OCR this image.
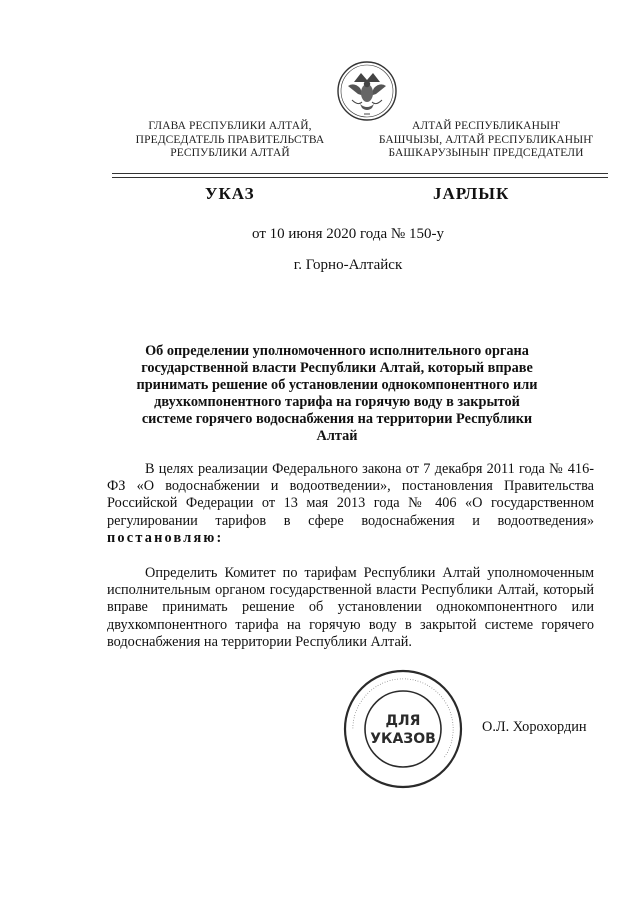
ГЛАВА РЕСПУБЛИКИ АЛТАЙ,
ПРЕДСЕДАТЕЛЬ ПРАВИТЕЛЬСТВА
РЕСПУБЛИКИ АЛТАЙ
АЛТАЙ РЕСПУБЛИКАНЫҤ
БАШЧЫЗЫ, АЛТАЙ РЕСПУБЛИКАНЫҤ
БАШКАРУЗЫНЫҤ ПРЕДСЕДАТЕЛИ
УКАЗ	ЈАРЛЫК
от 10 июня 2020 года № 150-у
г. Горно-Алтайск
Об определении уполномоченного исполнительного органа государственной власти Республики Алтай, который вправе принимать решение об установлении однокомпонентного или двухкомпонентного тарифа на горячую воду в закрытой системе горячего водоснабжения на территории Республики Алтай
В целях реализации Федерального закона от 7 декабря 2011 года № 416-ФЗ «О водоснабжении и водоотведении», постановления Правительства Российской Федерации от 13 мая 2013 года № 406 «О государственном регулировании тарифов в сфере водоснабжения и водоотведения» постановляю:
Определить Комитет по тарифам Республики Алтай уполномоченным исполнительным органом государственной власти Республики Алтай, который вправе принимать решение об установлении однокомпонентного или двухкомпонентного тарифа на горячую воду в закрытой системе горячего водоснабжения на территории Республики Алтай.
·········································································
ДЛЯ
УКАЗОВ
О.Л. Хорохордин
